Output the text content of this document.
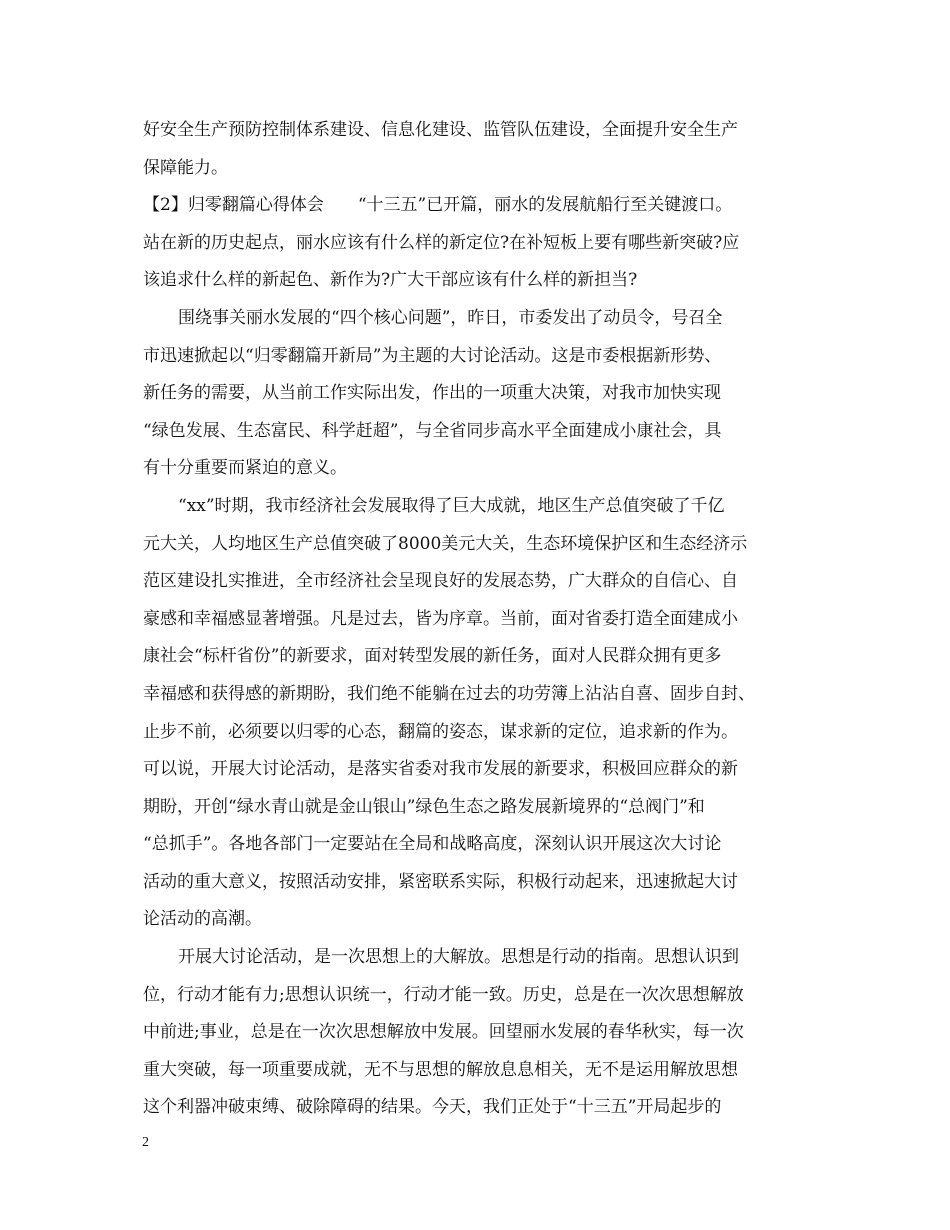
好安全生产预防控制体系建设、信息化建设、监管队伍建设，全面提升安全生产
保障能力。
【2】归零翻篇心得体会　　“十三五”已开篇，丽水的发展航船行至关键渡口。
站在新的历史起点，丽水应该有什么样的新定位?在补短板上要有哪些新突破?应
该追求什么样的新起色、新作为?广大干部应该有什么样的新担当?
围绕事关丽水发展的“四个核心问题”，昨日，市委发出了动员令，号召全
市迅速掀起以“归零翻篇开新局”为主题的大讨论活动。这是市委根据新形势、
新任务的需要，从当前工作实际出发，作出的一项重大决策，对我市加快实现
“绿色发展、生态富民、科学赶超”，与全省同步高水平全面建成小康社会，具
有十分重要而紧迫的意义。
“xx”时期，我市经济社会发展取得了巨大成就，地区生产总值突破了千亿
元大关，人均地区生产总值突破了8000美元大关，生态环境保护区和生态经济示
范区建设扎实推进，全市经济社会呈现良好的发展态势，广大群众的自信心、自
豪感和幸福感显著增强。凡是过去，皆为序章。当前，面对省委打造全面建成小
康社会“标杆省份”的新要求，面对转型发展的新任务，面对人民群众拥有更多
幸福感和获得感的新期盼，我们绝不能躺在过去的功劳簿上沾沾自喜、固步自封、
止步不前，必须要以归零的心态，翻篇的姿态，谋求新的定位，追求新的作为。
可以说，开展大讨论活动，是落实省委对我市发展的新要求，积极回应群众的新
期盼，开创“绿水青山就是金山银山”绿色生态之路发展新境界的“总阀门”和
“总抓手”。各地各部门一定要站在全局和战略高度，深刻认识开展这次大讨论
活动的重大意义，按照活动安排，紧密联系实际，积极行动起来，迅速掀起大讨
论活动的高潮。
开展大讨论活动，是一次思想上的大解放。思想是行动的指南。思想认识到
位，行动才能有力;思想认识统一，行动才能一致。历史，总是在一次次思想解放
中前进;事业，总是在一次次思想解放中发展。回望丽水发展的春华秋实，每一次
重大突破，每一项重要成就，无不与思想的解放息息相关，无不是运用解放思想
这个利器冲破束缚、破除障碍的结果。今天，我们正处于“十三五”开局起步的
2
